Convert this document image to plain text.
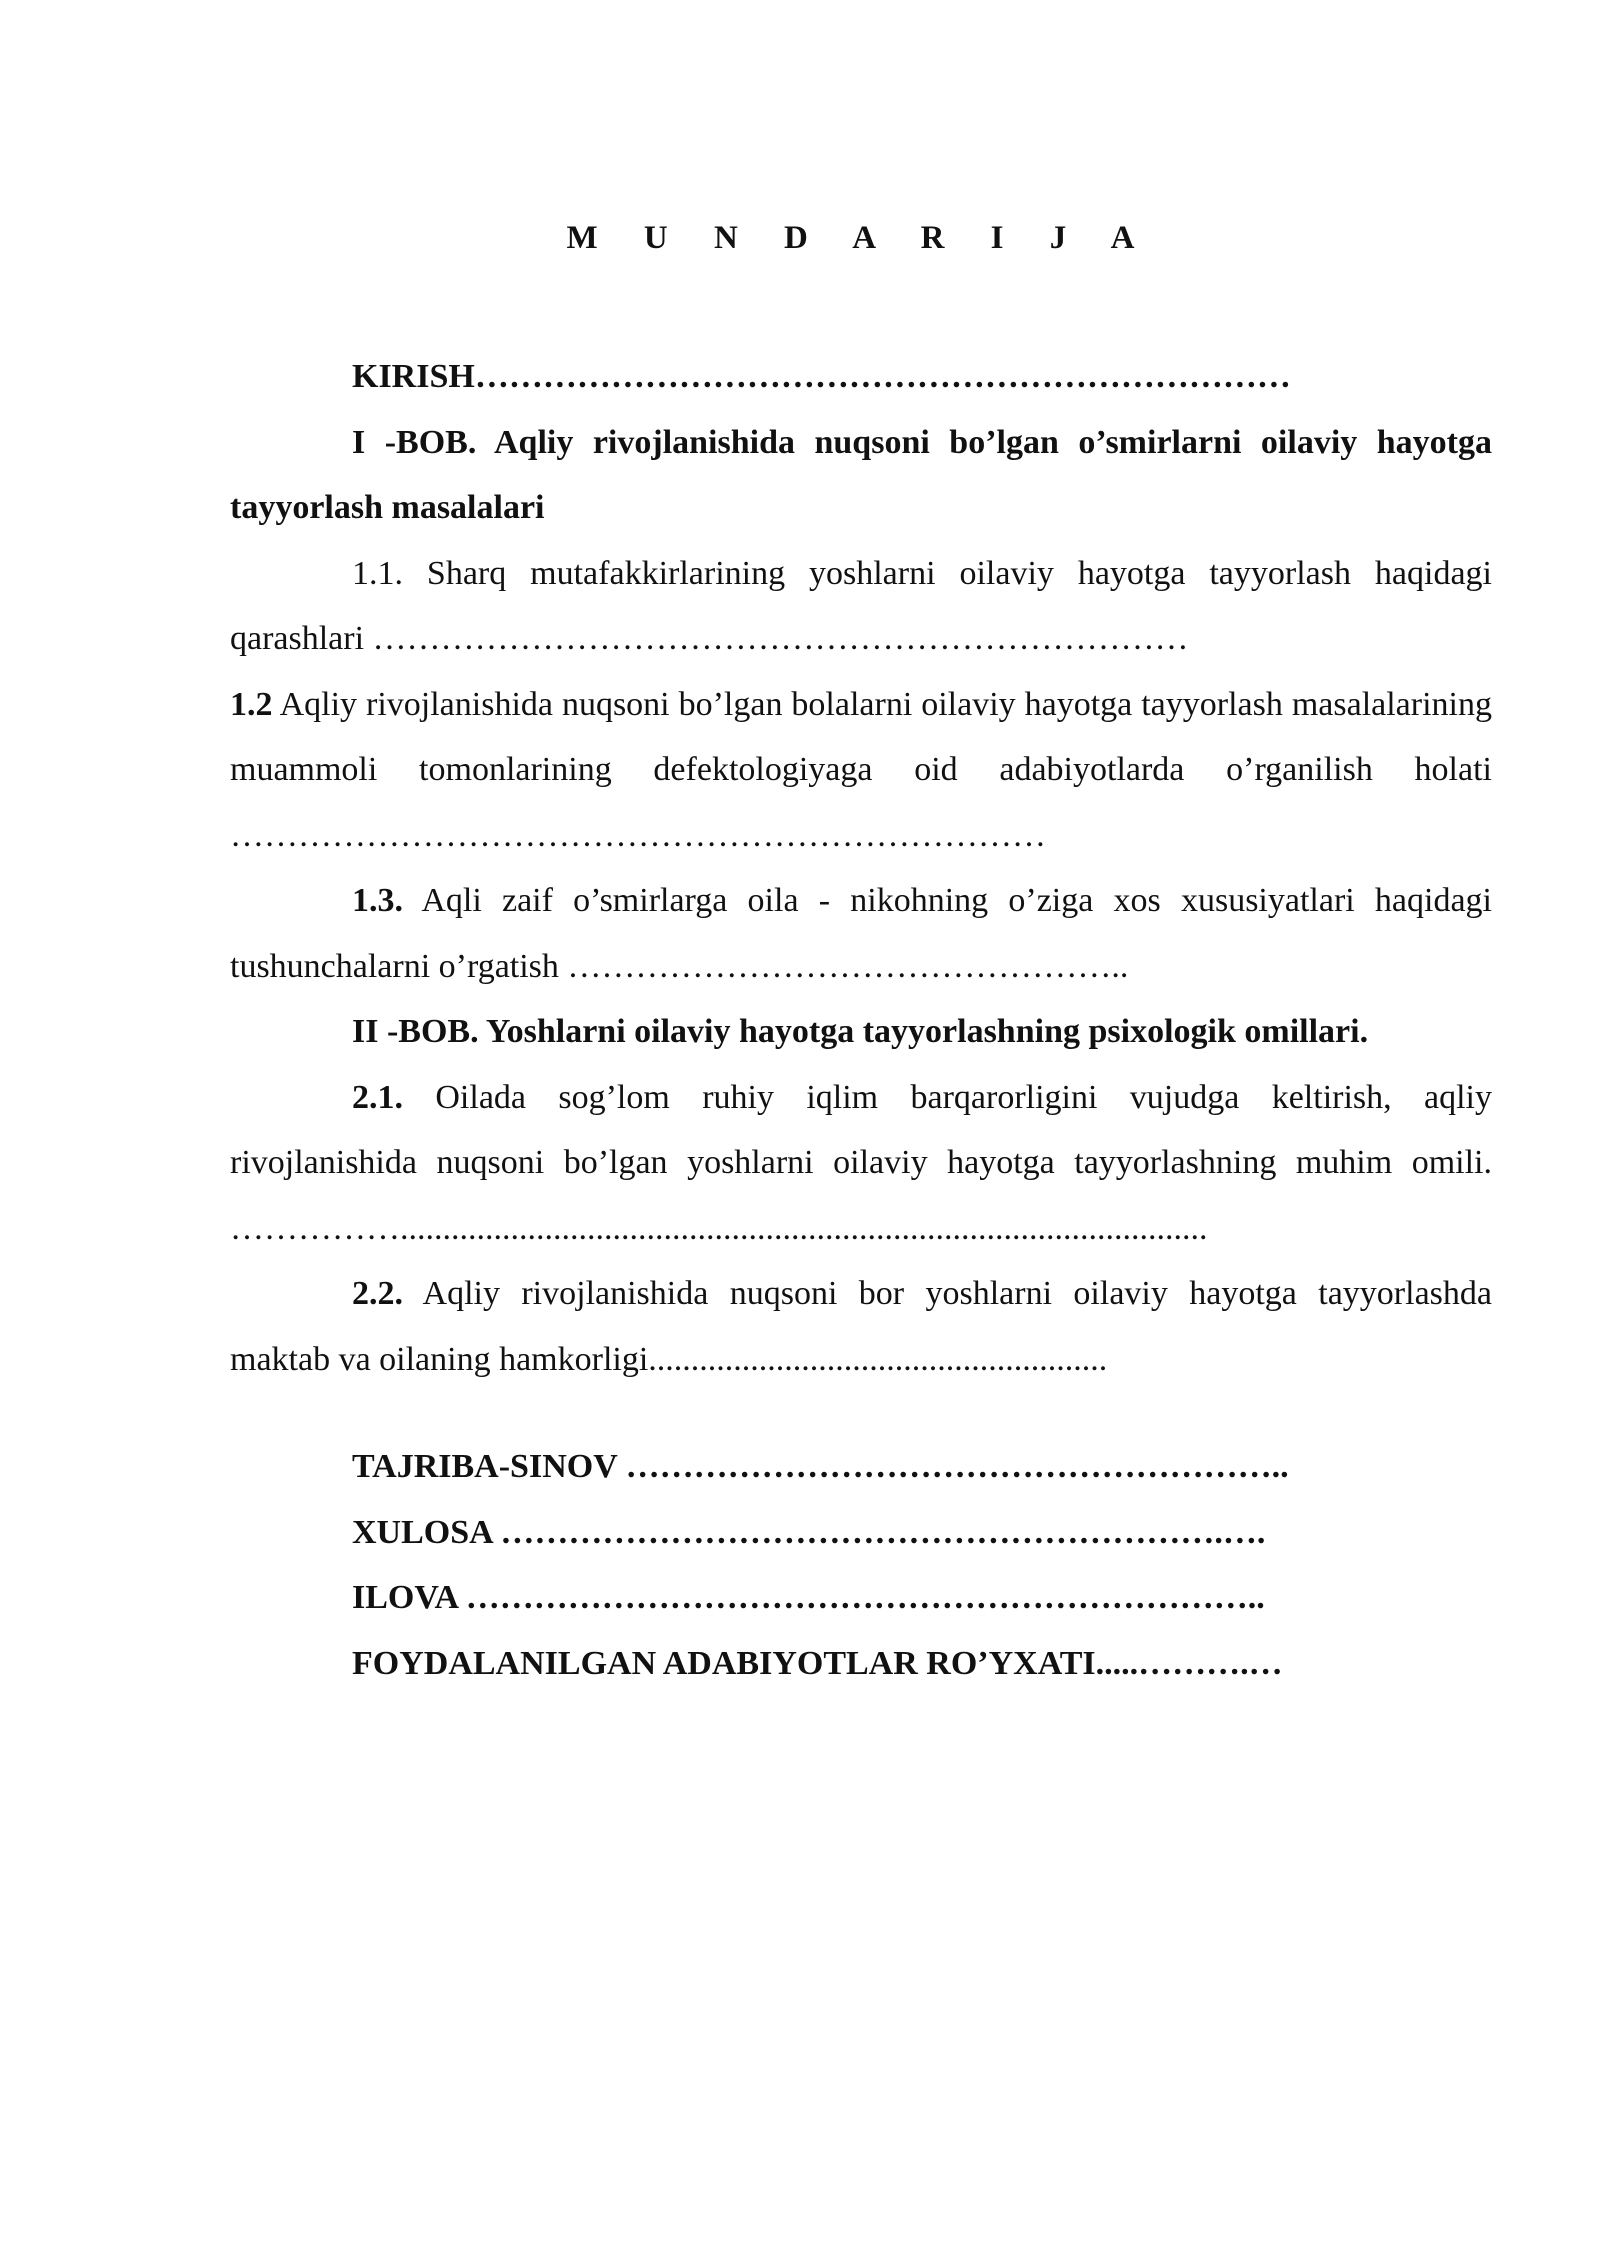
M U N D A R I J A

KIRISH………………………………………………………………

I -BOB. Aqliy rivojlanishida nuqsoni bo’lgan o’smirlarni oilaviy hayotga tayyorlash masalalari

1.1. Sharq mutafakkirlarining yoshlarni oilaviy hayotga tayyorlash haqidagi qarashlari ………………………………………………………………

1.2 Aqliy rivojlanishida nuqsoni bo’lgan bolalarni oilaviy hayotga tayyorlash masalalarining muammoli tomonlarining defektologiyaga oid adabiyotlarda o’rganilish holati ………………………………………………………………

1.3. Aqli zaif o’smirlarga oila - nikohning o’ziga xos xususiyatlari haqidagi tushunchalarni o’rgatish …………………………………………..

II -BOB. Yoshlarni oilaviy hayotga tayyorlashning psixologik omillari.

2.1. Oilada sog’lom ruhiy iqlim barqarorligini vujudga keltirish, aqliy rivojlanishida nuqsoni bo’lgan yoshlarni oilaviy hayotga tayyorlashning muhim omili. ……………...............................................................................................

2.2. Aqliy rivojlanishida nuqsoni bor yoshlarni oilaviy hayotga tayyorlashda maktab va oilaning hamkorligi......................................................

TAJRIBA-SINOV …………………………………………………..

XULOSA ……………………………………………………….….

ILOVA ……………………………………………………………..

FOYDALANILGAN ADABIYOTLAR RO’YXATI.....……….…
